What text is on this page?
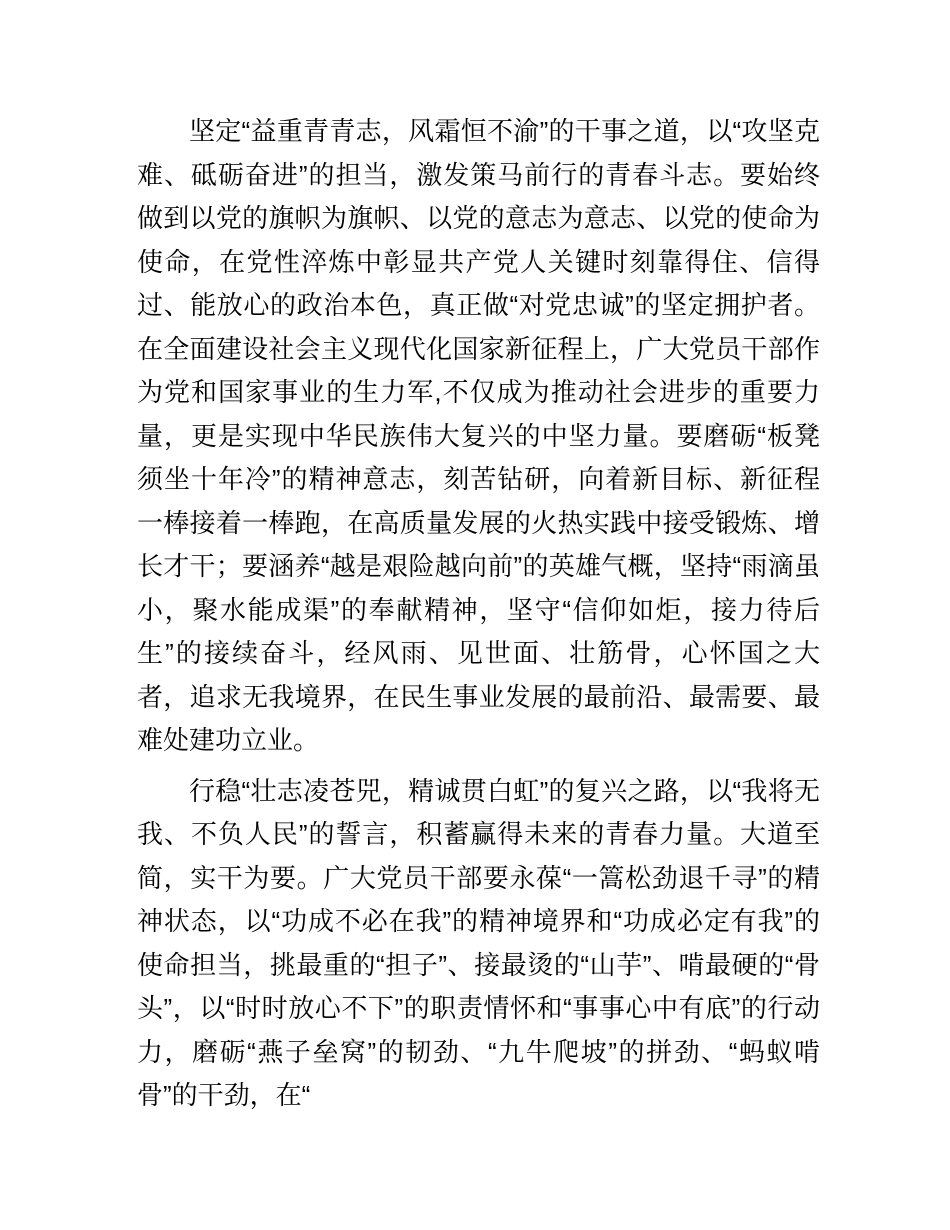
坚定“益重青青志，风霜恒不渝”的干事之道，以“攻坚克难、砥砺奋进”的担当，激发策马前行的青春斗志。要始终做到以党的旗帜为旗帜、以党的意志为意志、以党的使命为使命，在党性淬炼中彰显共产党人关键时刻靠得住、信得过、能放心的政治本色，真正做“对党忠诚”的坚定拥护者。在全面建设社会主义现代化国家新征程上，广大党员干部作为党和国家事业的生力军,不仅成为推动社会进步的重要力量，更是实现中华民族伟大复兴的中坚力量。要磨砺“板凳须坐十年冷”的精神意志，刻苦钻研，向着新目标、新征程一棒接着一棒跑，在高质量发展的火热实践中接受锻炼、增长才干；要涵养“越是艰险越向前”的英雄气概，坚持“雨滴虽小，聚水能成渠”的奉献精神，坚守“信仰如炬，接力待后生”的接续奋斗，经风雨、见世面、壮筋骨，心怀国之大者，追求无我境界，在民生事业发展的最前沿、最需要、最难处建功立业。

行稳“壮志凌苍兕，精诚贯白虹”的复兴之路，以“我将无我、不负人民”的誓言，积蓄赢得未来的青春力量。大道至简，实干为要。广大党员干部要永葆“一篙松劲退千寻”的精神状态，以“功成不必在我”的精神境界和“功成必定有我”的使命担当，挑最重的“担子”、接最烫的“山芋”、啃最硬的“骨头”，以“时时放心不下”的职责情怀和“事事心中有底”的行动力，磨砺“燕子垒窝”的韧劲、“九牛爬坡”的拼劲、“蚂蚁啃骨”的干劲，在“
